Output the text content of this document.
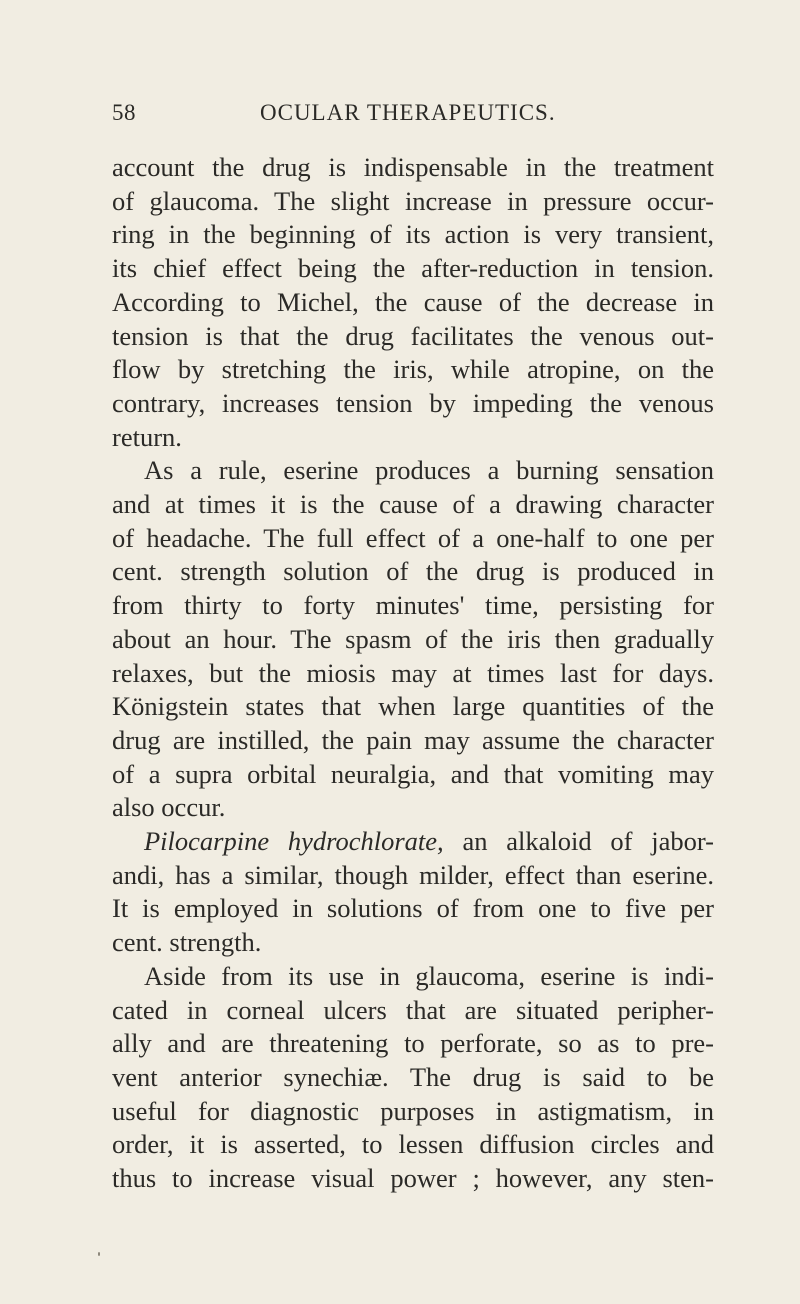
58	OCULAR THERAPEUTICS.

account the drug is indispensable in the treatment
of glaucoma. The slight increase in pressure occur-
ring in the beginning of its action is very transient,
its chief effect being the after-reduction in tension.
According to Michel, the cause of the decrease in
tension is that the drug facilitates the venous out-
flow by stretching the iris, while atropine, on the
contrary, increases tension by impeding the venous
return.

As a rule, eserine produces a burning sensation

and at times it is the cause of a drawing character
of headache. The full effect of a one-half to one per
cent. strength solution of the drug is produced in
from thirty to forty minutes' time, persisting for
about an hour. The spasm of the iris then gradually
relaxes, but the miosis may at times last for days.
Königstein states that when large quantities of the
drug are instilled, the pain may assume the character
of a supra orbital neuralgia, and that vomiting may
also occur.

Pilocarpine hydrochlorate, an alkaloid of jabor-

andi, has a similar, though milder, effect than eserine.
It is employed in solutions of from one to five per
cent. strength.

Aside from its use in glaucoma, eserine is indi-

cated in corneal ulcers that are situated peripher-
ally and are threatening to perforate, so as to pre-
vent anterior synechiæ. The drug is said to be
useful for diagnostic purposes in astigmatism, in
order, it is asserted, to lessen diffusion circles and
thus to increase visual power ; however, any sten-
